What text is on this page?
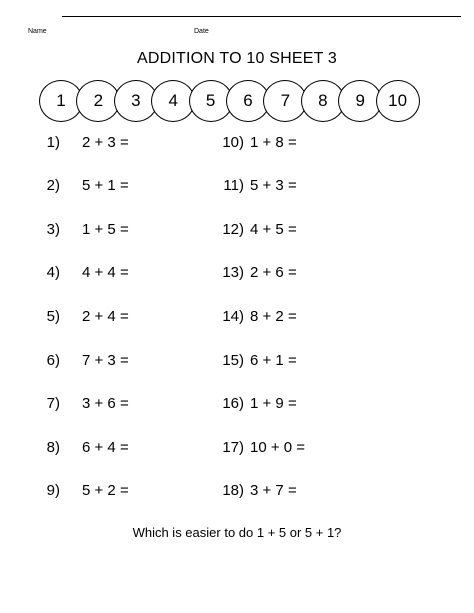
Name	Date
ADDITION TO 10 SHEET 3
1	2	3	4	5	6	7	8	9	10
1) 2 + 3 =
2) 5 + 1 =
3) 1 + 5 =
4) 4 + 4 =
5) 2 + 4 =
6) 7 + 3 =
7) 3 + 6 =
8) 6 + 4 =
9) 5 + 2 =
10) 1 + 8 =
11) 5 + 3 =
12) 4 + 5 =
13) 2 + 6 =
14) 8 + 2 =
15) 6 + 1 =
16) 1 + 9 =
17) 10 + 0 =
18) 3 + 7 =
Which is easier to do 1 + 5 or 5 + 1?
